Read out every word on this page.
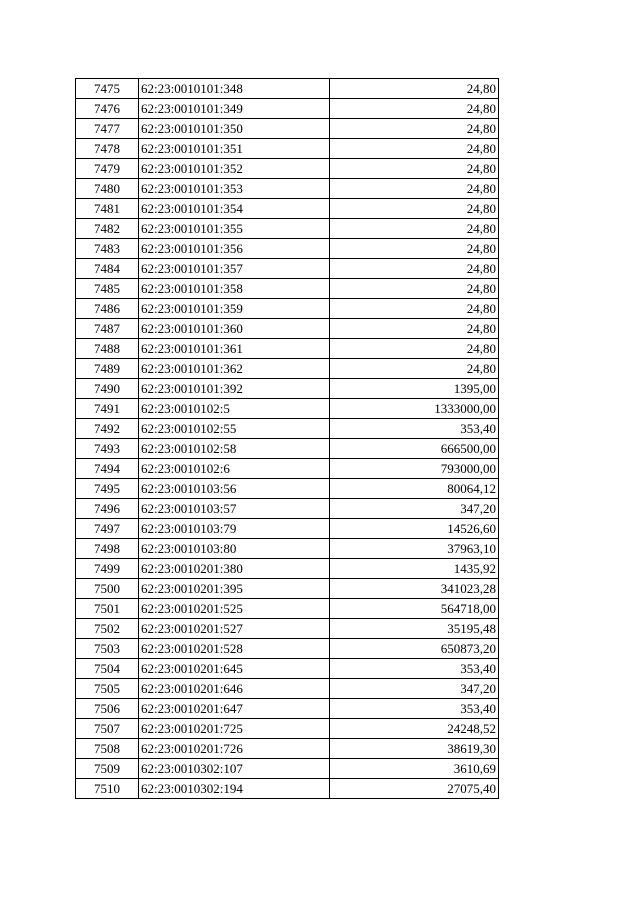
7475	62:23:0010101:348	24,80
7476	62:23:0010101:349	24,80
7477	62:23:0010101:350	24,80
7478	62:23:0010101:351	24,80
7479	62:23:0010101:352	24,80
7480	62:23:0010101:353	24,80
7481	62:23:0010101:354	24,80
7482	62:23:0010101:355	24,80
7483	62:23:0010101:356	24,80
7484	62:23:0010101:357	24,80
7485	62:23:0010101:358	24,80
7486	62:23:0010101:359	24,80
7487	62:23:0010101:360	24,80
7488	62:23:0010101:361	24,80
7489	62:23:0010101:362	24,80
7490	62:23:0010101:392	1395,00
7491	62:23:0010102:5	1333000,00
7492	62:23:0010102:55	353,40
7493	62:23:0010102:58	666500,00
7494	62:23:0010102:6	793000,00
7495	62:23:0010103:56	80064,12
7496	62:23:0010103:57	347,20
7497	62:23:0010103:79	14526,60
7498	62:23:0010103:80	37963,10
7499	62:23:0010201:380	1435,92
7500	62:23:0010201:395	341023,28
7501	62:23:0010201:525	564718,00
7502	62:23:0010201:527	35195,48
7503	62:23:0010201:528	650873,20
7504	62:23:0010201:645	353,40
7505	62:23:0010201:646	347,20
7506	62:23:0010201:647	353,40
7507	62:23:0010201:725	24248,52
7508	62:23:0010201:726	38619,30
7509	62:23:0010302:107	3610,69
7510	62:23:0010302:194	27075,40
